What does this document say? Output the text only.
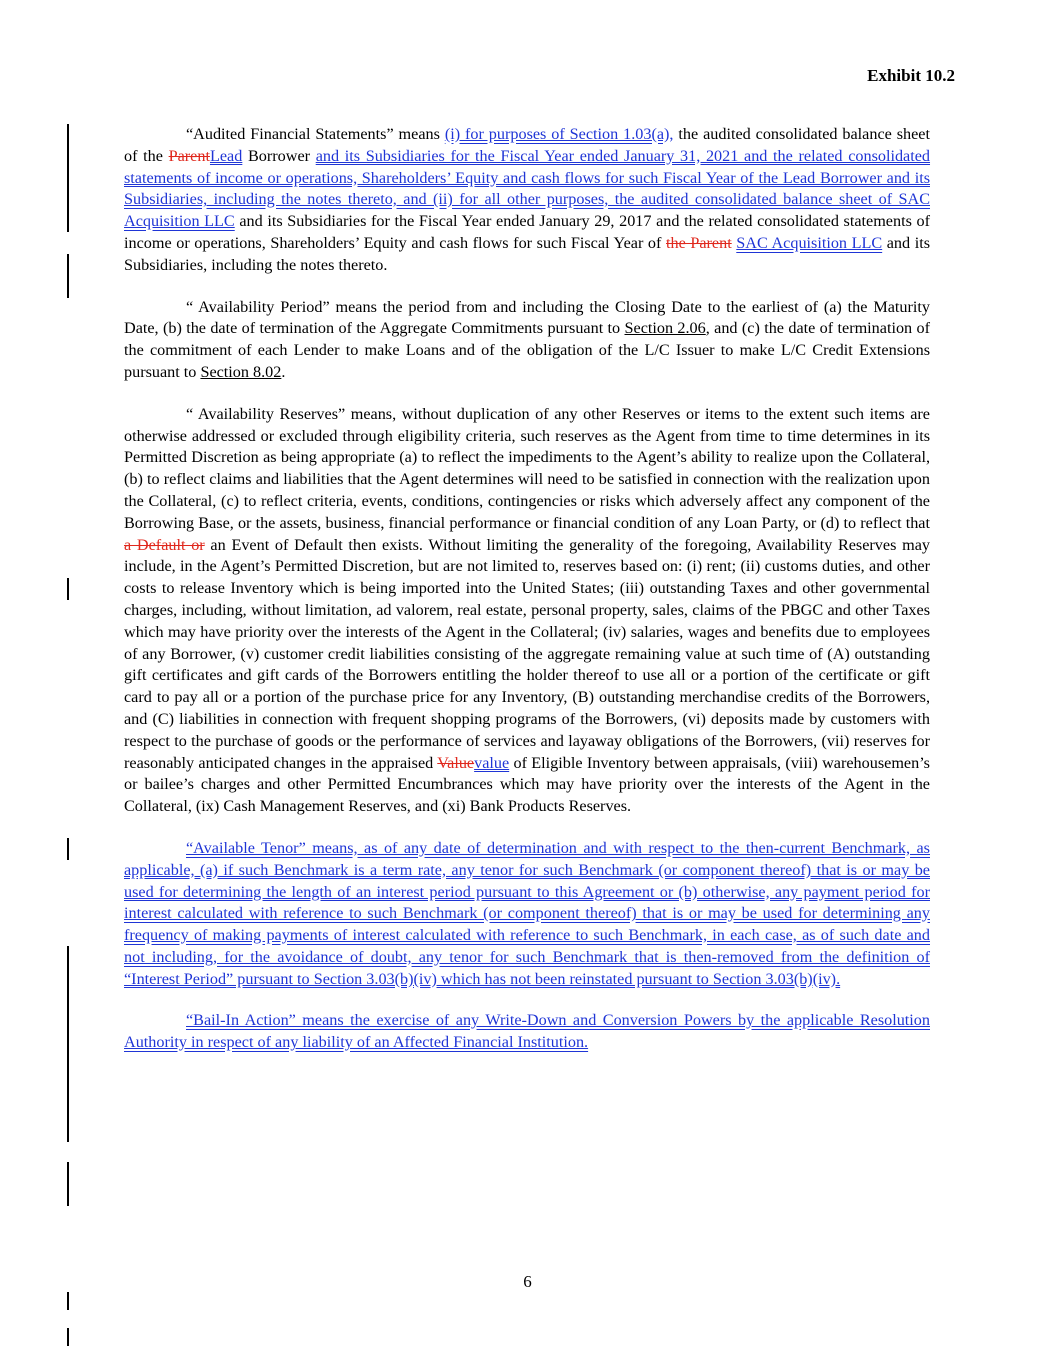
Exhibit 10.2

“Audited Financial Statements” means (i) for purposes of Section 1.03(a), the audited consolidated balance sheet of the ParentLead Borrower and its Subsidiaries for the Fiscal Year ended January 31, 2021 and the related consolidated statements of income or operations, Shareholders’ Equity and cash flows for such Fiscal Year of the Lead Borrower and its Subsidiaries, including the notes thereto, and (ii) for all other purposes, the audited consolidated balance sheet of SAC Acquisition LLC and its Subsidiaries for the Fiscal Year ended January 29, 2017 and the related consolidated statements of income or operations, Shareholders’ Equity and cash flows for such Fiscal Year of the Parent SAC Acquisition LLC and its Subsidiaries, including the notes thereto.

“ Availability Period” means the period from and including the Closing Date to the earliest of (a) the Maturity Date, (b) the date of termination of the Aggregate Commitments pursuant to Section 2.06, and (c) the date of termination of the commitment of each Lender to make Loans and of the obligation of the L/C Issuer to make L/C Credit Extensions pursuant to Section 8.02.

“ Availability Reserves” means, without duplication of any other Reserves or items to the extent such items are otherwise addressed or excluded through eligibility criteria, such reserves as the Agent from time to time determines in its Permitted Discretion as being appropriate (a) to reflect the impediments to the Agent’s ability to realize upon the Collateral, (b) to reflect claims and liabilities that the Agent determines will need to be satisfied in connection with the realization upon the Collateral, (c) to reflect criteria, events, conditions, contingencies or risks which adversely affect any component of the Borrowing Base, or the assets, business, financial performance or financial condition of any Loan Party, or (d) to reflect that a Default or an Event of Default then exists. Without limiting the generality of the foregoing, Availability Reserves may include, in the Agent’s Permitted Discretion, but are not limited to, reserves based on: (i) rent; (ii) customs duties, and other costs to release Inventory which is being imported into the United States; (iii) outstanding Taxes and other governmental charges, including, without limitation, ad valorem, real estate, personal property, sales, claims of the PBGC and other Taxes which may have priority over the interests of the Agent in the Collateral; (iv) salaries, wages and benefits due to employees of any Borrower, (v) customer credit liabilities consisting of the aggregate remaining value at such time of (A) outstanding gift certificates and gift cards of the Borrowers entitling the holder thereof to use all or a portion of the certificate or gift card to pay all or a portion of the purchase price for any Inventory, (B) outstanding merchandise credits of the Borrowers, and (C) liabilities in connection with frequent shopping programs of the Borrowers, (vi) deposits made by customers with respect to the purchase of goods or the performance of services and layaway obligations of the Borrowers, (vii) reserves for reasonably anticipated changes in the appraised Valuevalue of Eligible Inventory between appraisals, (viii) warehousemen’s or bailee’s charges and other Permitted Encumbrances which may have priority over the interests of the Agent in the Collateral, (ix) Cash Management Reserves, and (xi) Bank Products Reserves.

“Available Tenor” means, as of any date of determination and with respect to the then-current Benchmark, as applicable, (a) if such Benchmark is a term rate, any tenor for such Benchmark (or component thereof) that is or may be used for determining the length of an interest period pursuant to this Agreement or (b) otherwise, any payment period for interest calculated with reference to such Benchmark (or component thereof) that is or may be used for determining any frequency of making payments of interest calculated with reference to such Benchmark, in each case, as of such date and not including, for the avoidance of doubt, any tenor for such Benchmark that is then-removed from the definition of “Interest Period” pursuant to Section 3.03(b)(iv) which has not been reinstated pursuant to Section 3.03(b)(iv).

“Bail-In Action” means the exercise of any Write-Down and Conversion Powers by the applicable Resolution Authority in respect of any liability of an Affected Financial Institution.

6
